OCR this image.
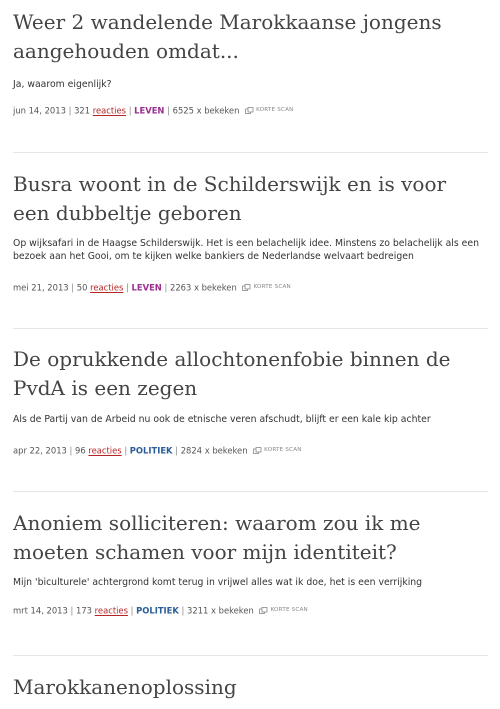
Weer 2 wandelende Marokkaanse jongens aangehouden omdat...

Ja, waarom eigenlijk?

jun 14, 2013 | 321 reacties | LEVEN | 6525 x bekeken	KORTE SCAN
Busra woont in de Schilderswijk en is voor een dubbeltje geboren

Op wijksafari in de Haagse Schilderswijk. Het is een belachelijk idee. Minstens zo belachelijk als een bezoek aan het Gooi, om te kijken welke bankiers de Nederlandse welvaart bedreigen

mei 21, 2013 | 50 reacties | LEVEN | 2263 x bekeken	KORTE SCAN
De oprukkende allochtonenfobie binnen de PvdA is een zegen

Als de Partij van de Arbeid nu ook de etnische veren afschudt, blijft er een kale kip achter

apr 22, 2013 | 96 reacties | POLITIEK | 2824 x bekeken	KORTE SCAN
Anoniem solliciteren: waarom zou ik me moeten schamen voor mijn identiteit?

Mijn 'biculturele' achtergrond komt terug in vrijwel alles wat ik doe, het is een verrijking

mrt 14, 2013 | 173 reacties | POLITIEK | 3211 x bekeken	KORTE SCAN
Marokkanenoplossing
